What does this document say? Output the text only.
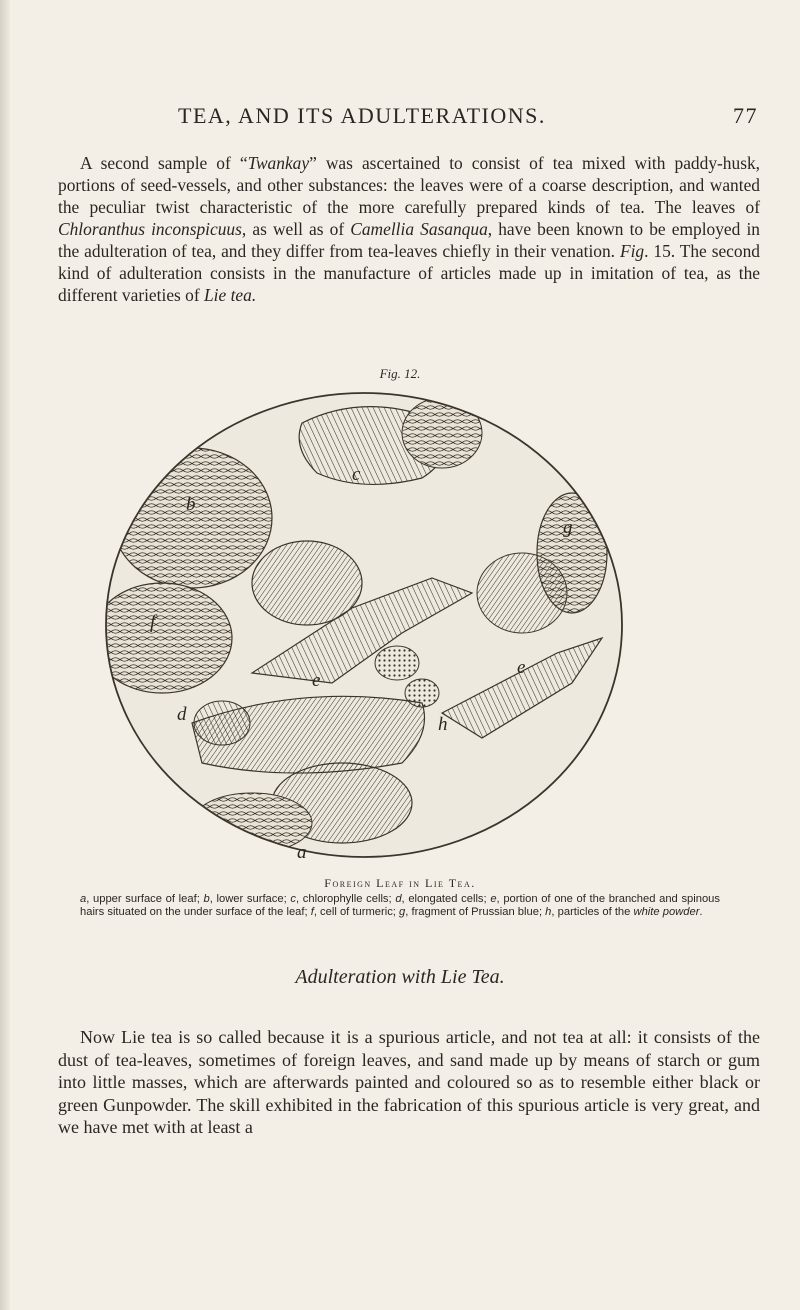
TEA, AND ITS ADULTERATIONS.	77
A second sample of “Twankay” was ascertained to consist of tea mixed with paddy-husk, portions of seed-vessels, and other substances: the leaves were of a coarse description, and wanted the peculiar twist characteristic of the more carefully prepared kinds of tea. The leaves of Chloranthus inconspicuus, as well as of Camellia Sasanqua, have been known to be employed in the adulteration of tea, and they differ from tea-leaves chiefly in their venation. Fig. 15. The second kind of adulteration consists in the manufacture of articles made up in imitation of tea, as the different varieties of Lie tea.
Fig. 12.
a
b
c
d
e
e
f
g
h
Foreign Leaf in Lie Tea.
a, upper surface of leaf; b, lower surface; c, chlorophylle cells; d, elongated cells; e, portion of one of the branched and spinous hairs situated on the under surface of the leaf; f, cell of turmeric; g, fragment of Prussian blue; h, particles of the white powder.
Adulteration with Lie Tea.
Now Lie tea is so called because it is a spurious article, and not tea at all: it consists of the dust of tea-leaves, sometimes of foreign leaves, and sand made up by means of starch or gum into little masses, which are afterwards painted and coloured so as to resemble either black or green Gunpowder. The skill exhibited in the fabrication of this spurious article is very great, and we have met with at least a
